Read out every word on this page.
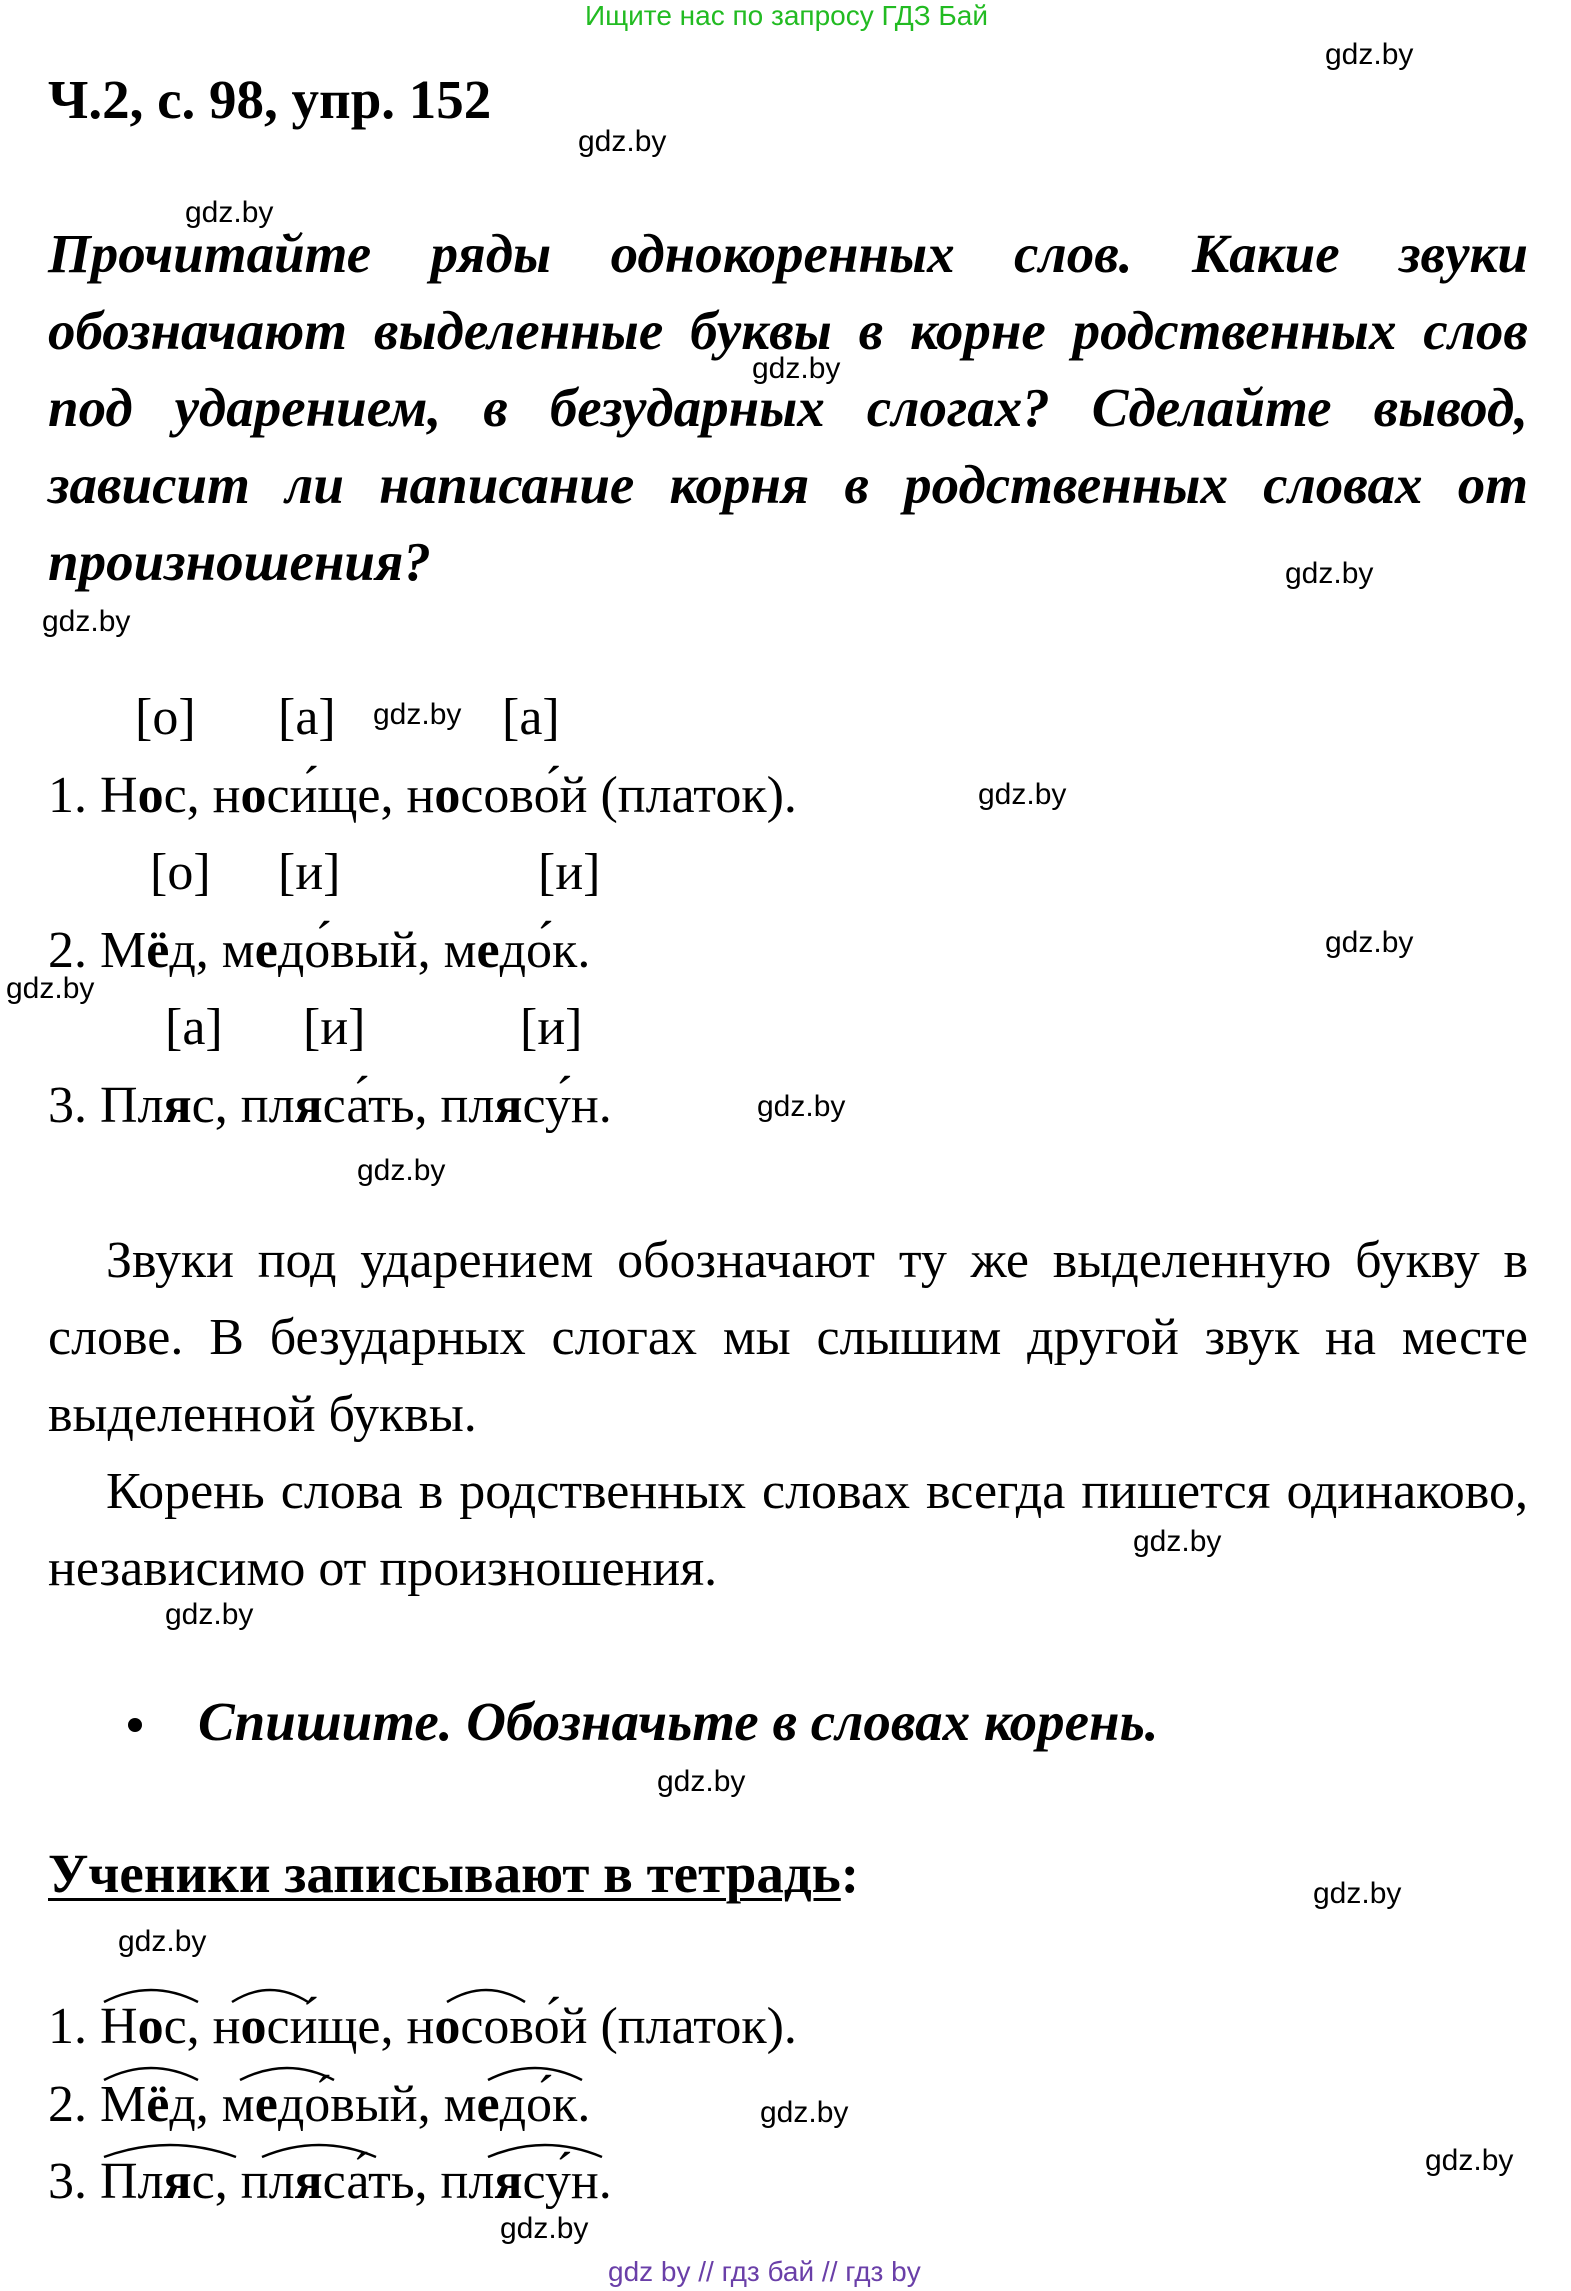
Ищите нас по запросу ГДЗ Бай
Ч.2, с. 98, упр. 152
Прочитайте ряды однокоренных слов. Какие звуки обозначают выделенные буквы в корне родственных слов под ударением, в безударных слогах? Сделайте вывод, зависит ли написание корня в родственных словах от произношения?
[о] [а]	[а]
1. Нос, носи́ще, носово́й (платок).
[о] [и]	[и]
2. Мёд, медо́вый, медо́к.
[а] [и]	[и]
3. Пляс, пляса́ть, плясу́н.
Звуки под ударением обозначают ту же выделенную букву в слове. В безударных слогах мы слышим другой звук на месте выделенной буквы.
Корень слова в родственных словах всегда пишется одинаково, независимо от произношения.
Спишите. Обозначьте в словах корень.
Ученики записывают в тетрадь:
1. Нос, носи́ще, носово́й (платок).
2. Мёд, медо́вый, медо́к.
3. Пляс, пляса́ть, плясу́н.
gdz.by
gdz.by
gdz.by
gdz.by
gdz.by
gdz.by
gdz.by
gdz.by
gdz.by
gdz.by
gdz.by
gdz.by
gdz.by
gdz.by
gdz.by
gdz.by
gdz.by
gdz.by
gdz.by
gdz.by
gdz by // гдз бай // гдз by
